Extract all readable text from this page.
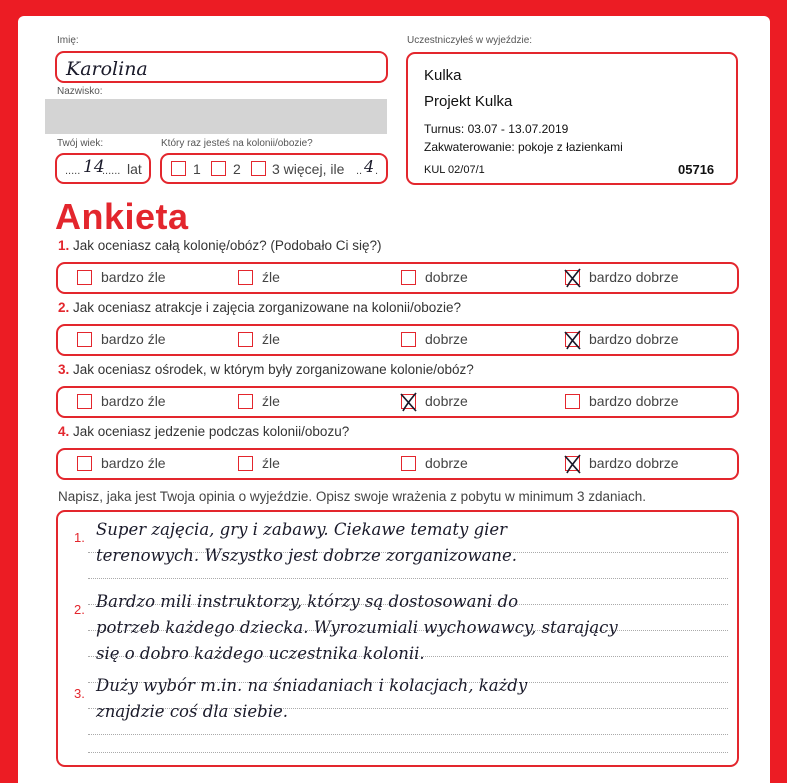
Imię:
Karolina
Nazwisko:
Twój wiek:	Który raz jesteś na kolonii/obozie?
..... 14
...... lat	1 2 3 więcej, ile .. 4 .
Uczestniczyłeś w wyjeździe:
Kulka
Projekt Kulka
Turnus: 03.07 - 13.07.2019
Zakwaterowanie: pokoje z łazienkami
KUL 02/07/1	05716
Ankieta
1. Jak oceniasz całą kolonię/obóz? (Podobało Ci się?)
bardzo źle	źle	dobrze	bardzo dobrze
2. Jak oceniasz atrakcje i zajęcia zorganizowane na kolonii/obozie?
bardzo źle	źle	dobrze	bardzo dobrze
3. Jak oceniasz ośrodek, w którym były zorganizowane kolonie/obóz?
bardzo źle	źle	dobrze	bardzo dobrze
4. Jak oceniasz jedzenie podczas kolonii/obozu?
bardzo źle	źle	dobrze	bardzo dobrze
Napisz, jaka jest Twoja opinia o wyjeździe. Opisz swoje wrażenia z pobytu w minimum 3 zdaniach.
1. Super zajęcia, gry i zabawy. Ciekawe tematy gier
terenowych. Wszystko jest dobrze zorganizowane.
2. Bardzo mili instruktorzy, którzy są dostosowani do
potrzeb każdego dziecka. Wyrozumiali wychowawcy, starający
się o dobro każdego uczestnika kolonii.
3. Duży wybór m.in. na śniadaniach i kolacjach, każdy
znajdzie coś dla siebie.
